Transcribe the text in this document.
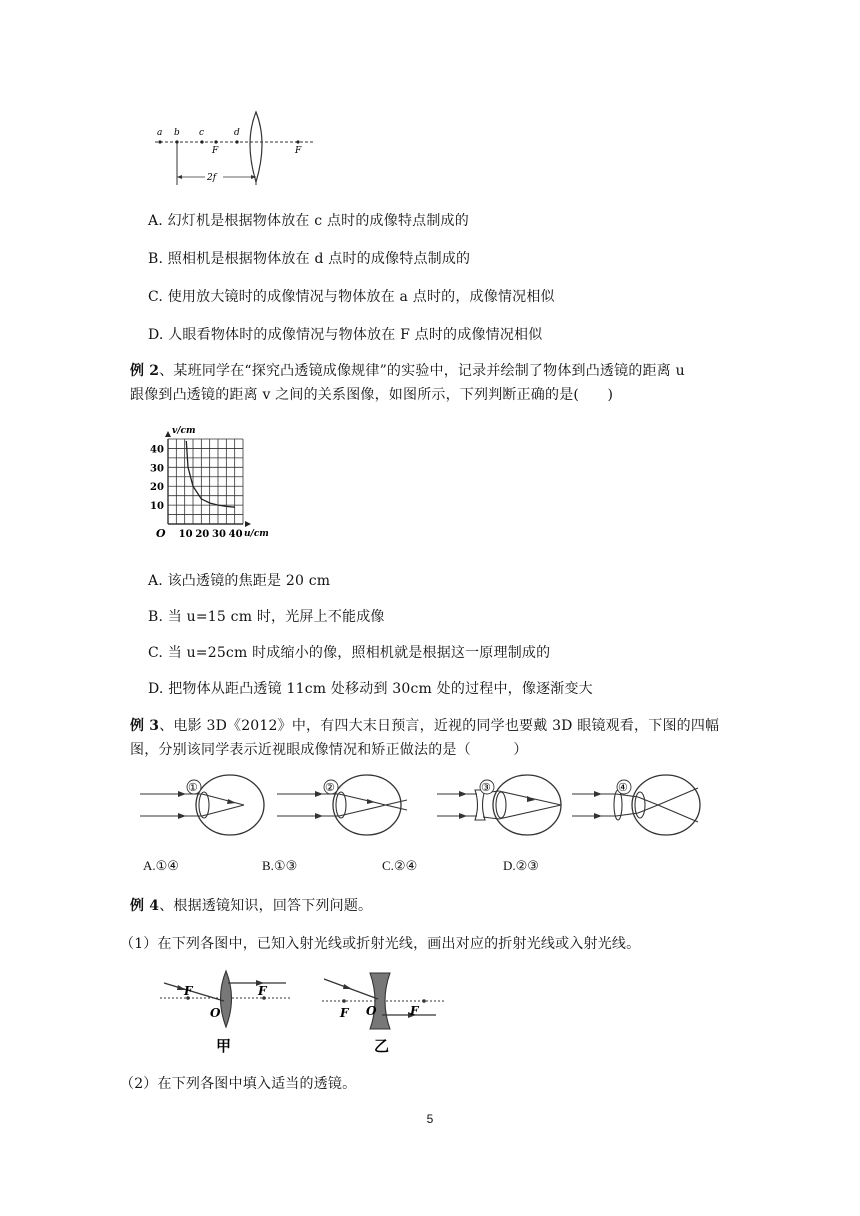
a b c	d
F	F
2f
A. 幻灯机是根据物体放在 c 点时的成像特点制成的
B. 照相机是根据物体放在 d 点时的成像特点制成的
C. 使用放大镜时的成像情况与物体放在 a 点时的，成像情况相似
D. 人眼看物体时的成像情况与物体放在 F 点时的成像情况相似
例 2、某班同学在“探究凸透镜成像规律”的实验中，记录并绘制了物体到凸透镜的距离 u
跟像到凸透镜的距离 v 之间的关系图像，如图所示，下列判断正确的是(　　)
10 20 30 40
10
20
30
40
v/cm
u/cm
O
A. 该凸透镜的焦距是 20 cm
B. 当 u=15 cm 时，光屏上不能成像
C. 当 u=25cm 时成缩小的像，照相机就是根据这一原理制成的
D. 把物体从距凸透镜 11cm 处移动到 30cm 处的过程中，像逐渐变大
例 3、电影 3D《2012》中，有四大末日预言，近视的同学也要戴 3D 眼镜观看，下图的四幅
图，分别该同学表示近视眼成像情况和矫正做法的是（　　　）
①	②	③	④
A.①④	B.①③	C.②④	D.②③
例 4、根据透镜知识，回答下列问题。
（1）在下列各图中，已知入射光线或折射光线，画出对应的折射光线或入射光线。
F	F
O
甲
F	F
O
乙
（2）在下列各图中填入适当的透镜。
5
